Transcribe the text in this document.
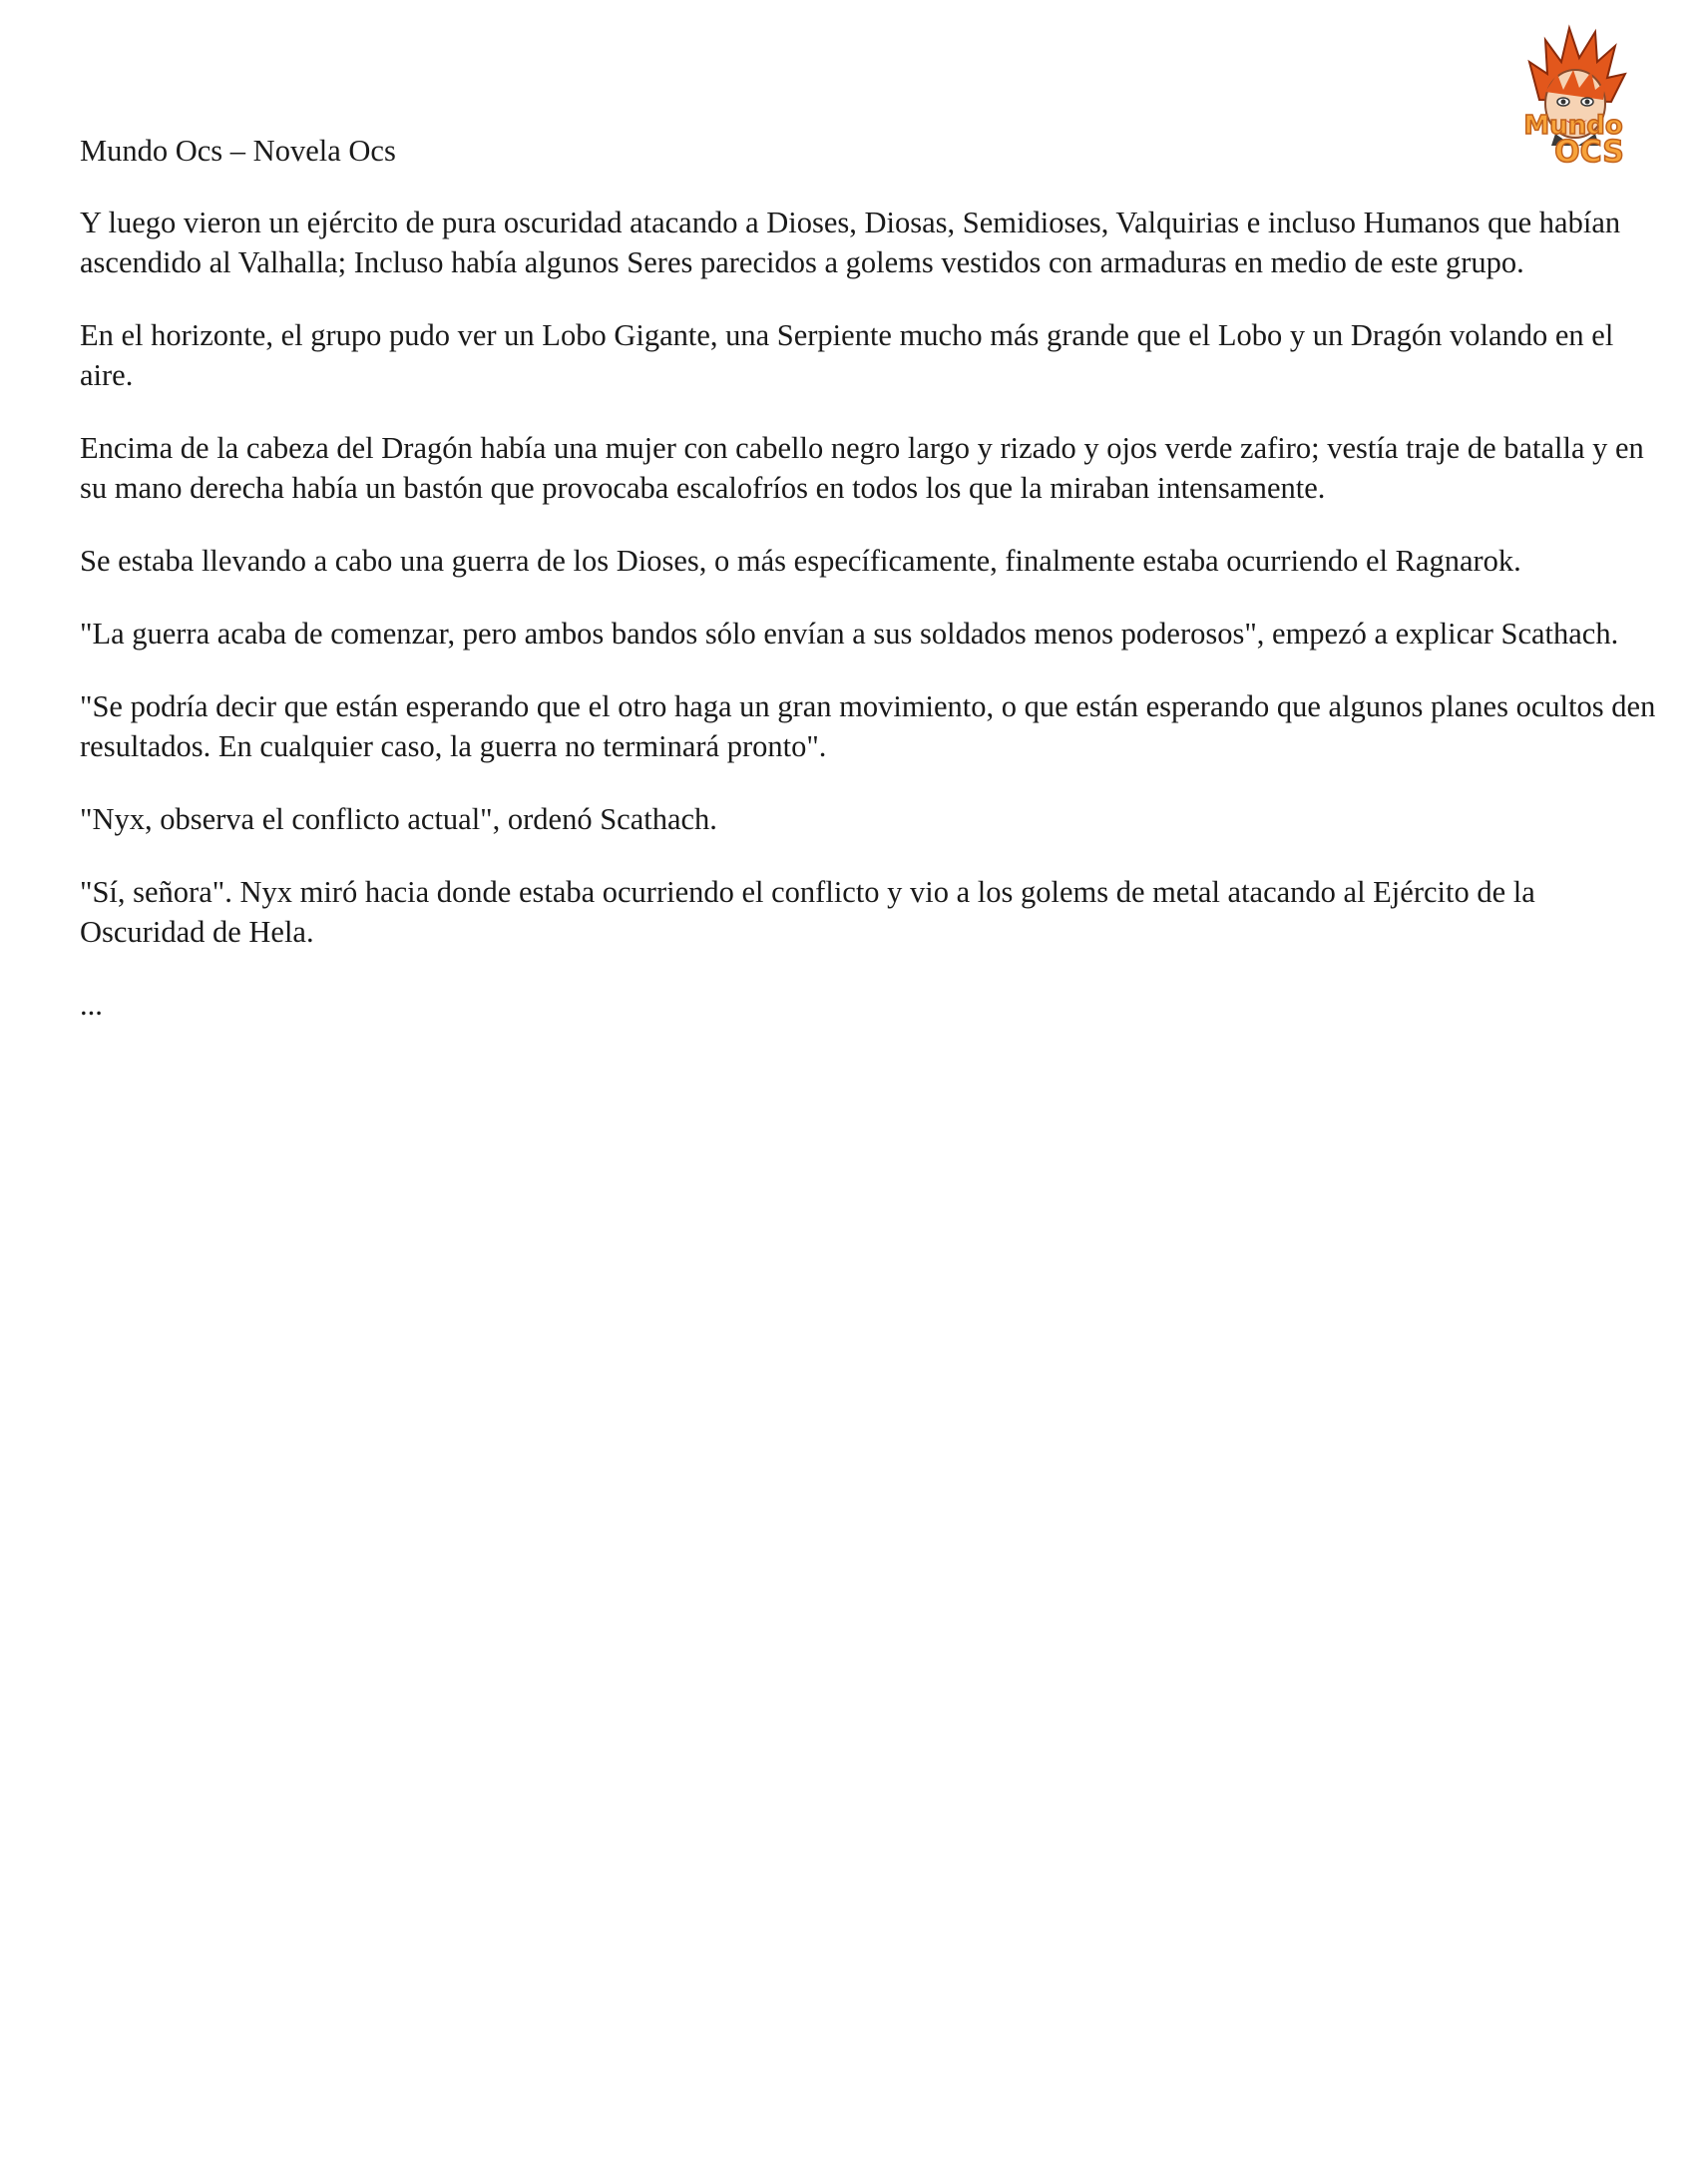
Mundo
OCS

Mundo Ocs – Novela Ocs

Y luego vieron un ejército de pura oscuridad atacando a Dioses, Diosas, Semidioses, Valquirias e incluso Humanos que habían ascendido al Valhalla; Incluso había algunos Seres parecidos a golems vestidos con armaduras en medio de este grupo.

En el horizonte, el grupo pudo ver un Lobo Gigante, una Serpiente mucho más grande que el Lobo y un Dragón volando en el aire.

Encima de la cabeza del Dragón había una mujer con cabello negro largo y rizado y ojos verde zafiro; vestía traje de batalla y en su mano derecha había un bastón que provocaba escalofríos en todos los que la miraban intensamente.

Se estaba llevando a cabo una guerra de los Dioses, o más específicamente, finalmente estaba ocurriendo el Ragnarok.

"La guerra acaba de comenzar, pero ambos bandos sólo envían a sus soldados menos poderosos", empezó a explicar Scathach.

"Se podría decir que están esperando que el otro haga un gran movimiento, o que están esperando que algunos planes ocultos den resultados. En cualquier caso, la guerra no terminará pronto".

"Nyx, observa el conflicto actual", ordenó Scathach.

"Sí, señora". Nyx miró hacia donde estaba ocurriendo el conflicto y vio a los golems de metal atacando al Ejército de la Oscuridad de Hela.

...
